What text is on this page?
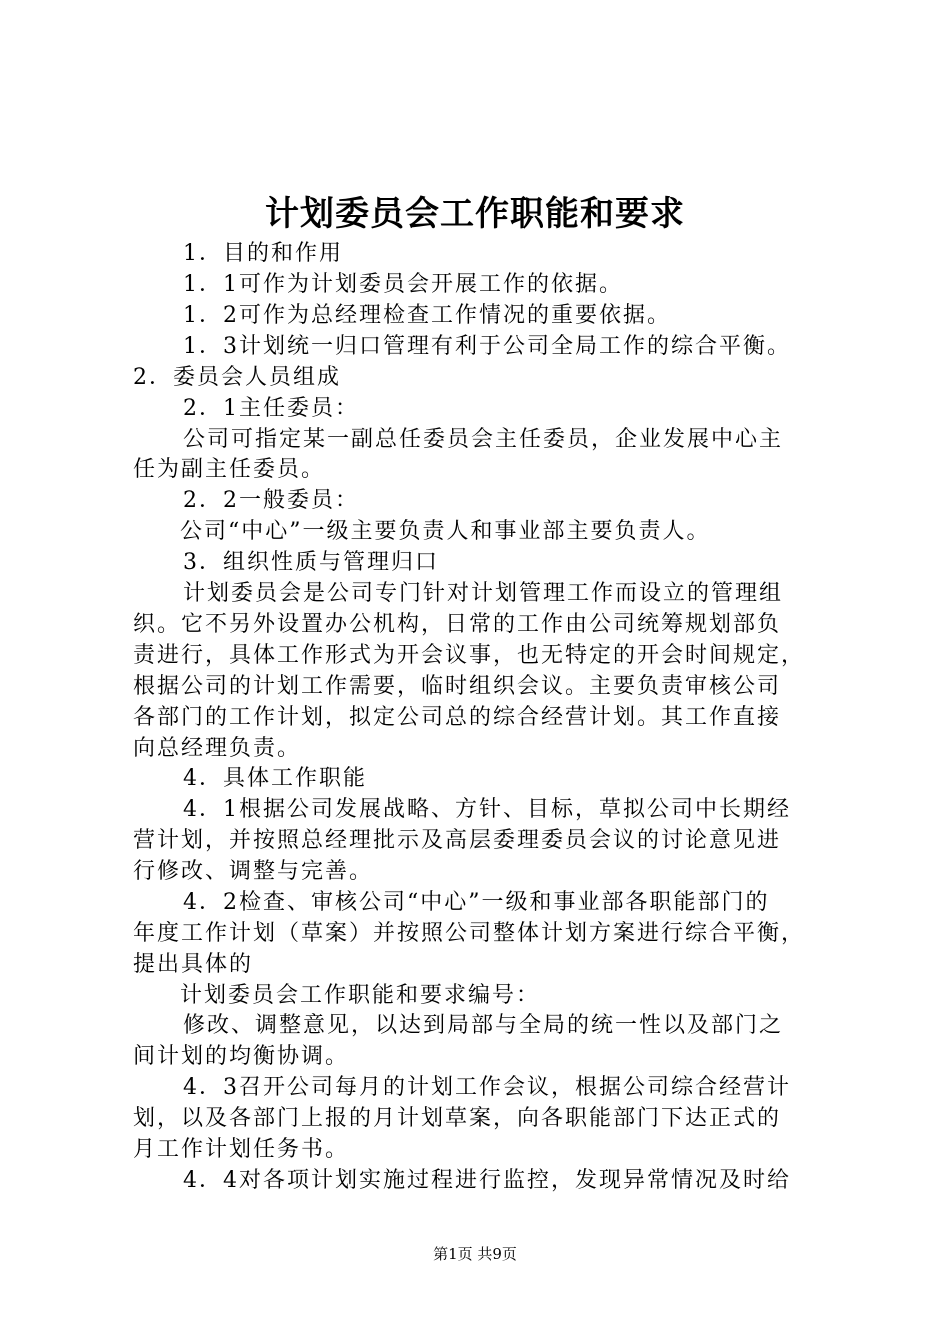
计划委员会工作职能和要求
1．目的和作用
1．1可作为计划委员会开展工作的依据。
1．2可作为总经理检查工作情况的重要依据。
1．3计划统一归口管理有利于公司全局工作的综合平衡。
2．委员会人员组成
2．1主任委员：
公司可指定某一副总任委员会主任委员，企业发展中心主
任为副主任委员。
2．2一般委员：
公司“中心”一级主要负责人和事业部主要负责人。
3．组织性质与管理归口
计划委员会是公司专门针对计划管理工作而设立的管理组
织。它不另外设置办公机构，日常的工作由公司统筹规划部负
责进行，具体工作形式为开会议事，也无特定的开会时间规定，
根据公司的计划工作需要，临时组织会议。主要负责审核公司
各部门的工作计划，拟定公司总的综合经营计划。其工作直接
向总经理负责。
4．具体工作职能
4．1根据公司发展战略、方针、目标，草拟公司中长期经
营计划，并按照总经理批示及高层委理委员会议的讨论意见进
行修改、调整与完善。
4．2检查、审核公司“中心”一级和事业部各职能部门的
年度工作计划（草案）并按照公司整体计划方案进行综合平衡，
提出具体的
计划委员会工作职能和要求编号：
修改、调整意见，以达到局部与全局的统一性以及部门之
间计划的均衡协调。
4．3召开公司每月的计划工作会议，根据公司综合经营计
划，以及各部门上报的月计划草案，向各职能部门下达正式的
月工作计划任务书。
4．4对各项计划实施过程进行监控，发现异常情况及时给
第1页 共9页
